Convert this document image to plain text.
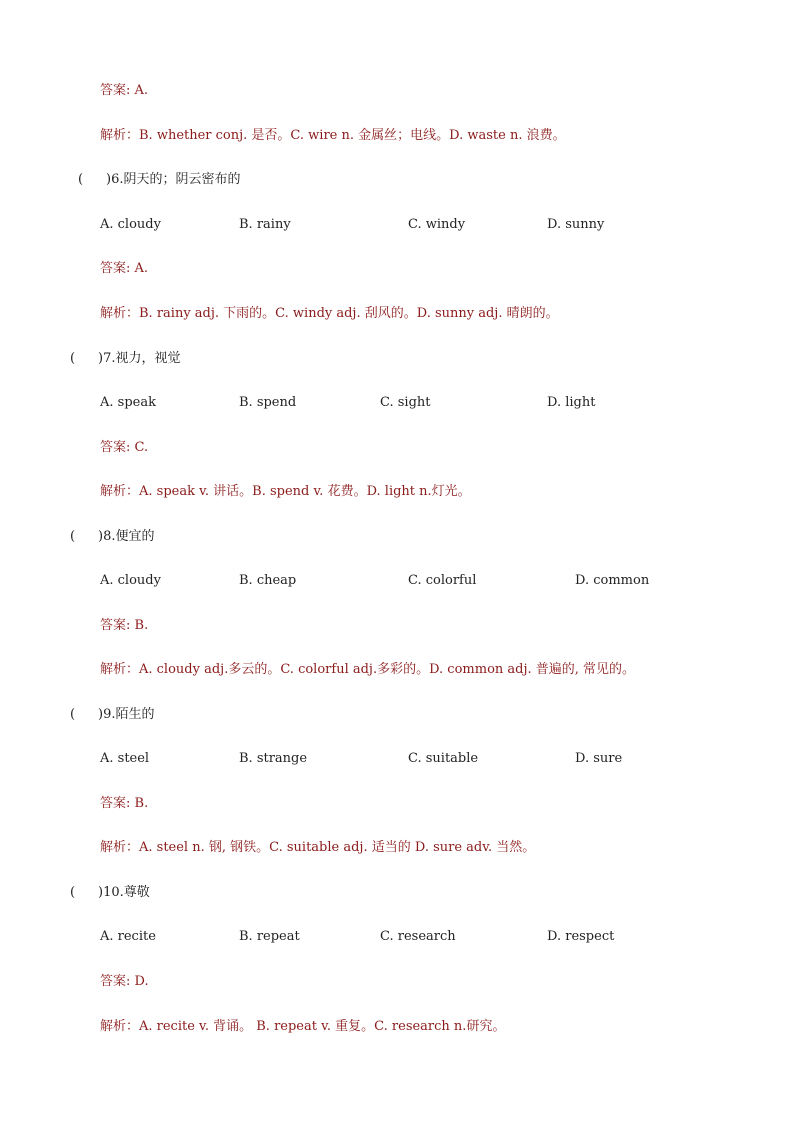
答案: A.
解析：B. whether conj. 是否。C. wire n. 金属丝；电线。D. waste n. 浪费。
( )6.阴天的；阴云密布的
A. cloudy	B. rainy	C. windy	D. sunny
答案: A.
解析：B. rainy adj. 下雨的。C. windy adj. 刮风的。D. sunny adj. 晴朗的。
( )7.视力，视觉
A. speak	B. spend	C. sight	D. light
答案: C.
解析：A. speak v. 讲话。B. spend v. 花费。D. light n.灯光。
( )8.便宜的
A. cloudy	B. cheap	C. colorful	D. common
答案: B.
解析：A. cloudy adj.多云的。C. colorful adj.多彩的。D. common adj. 普遍的, 常见的。
( )9.陌生的
A. steel	B. strange	C. suitable	D. sure
答案: B.
解析：A. steel n. 钢, 钢铁。C. suitable adj. 适当的 D. sure adv. 当然。
( )10.尊敬
A. recite	B. repeat	C. research	D. respect
答案: D.
解析：A. recite v. 背诵。 B. repeat v. 重复。C. research n.研究。
